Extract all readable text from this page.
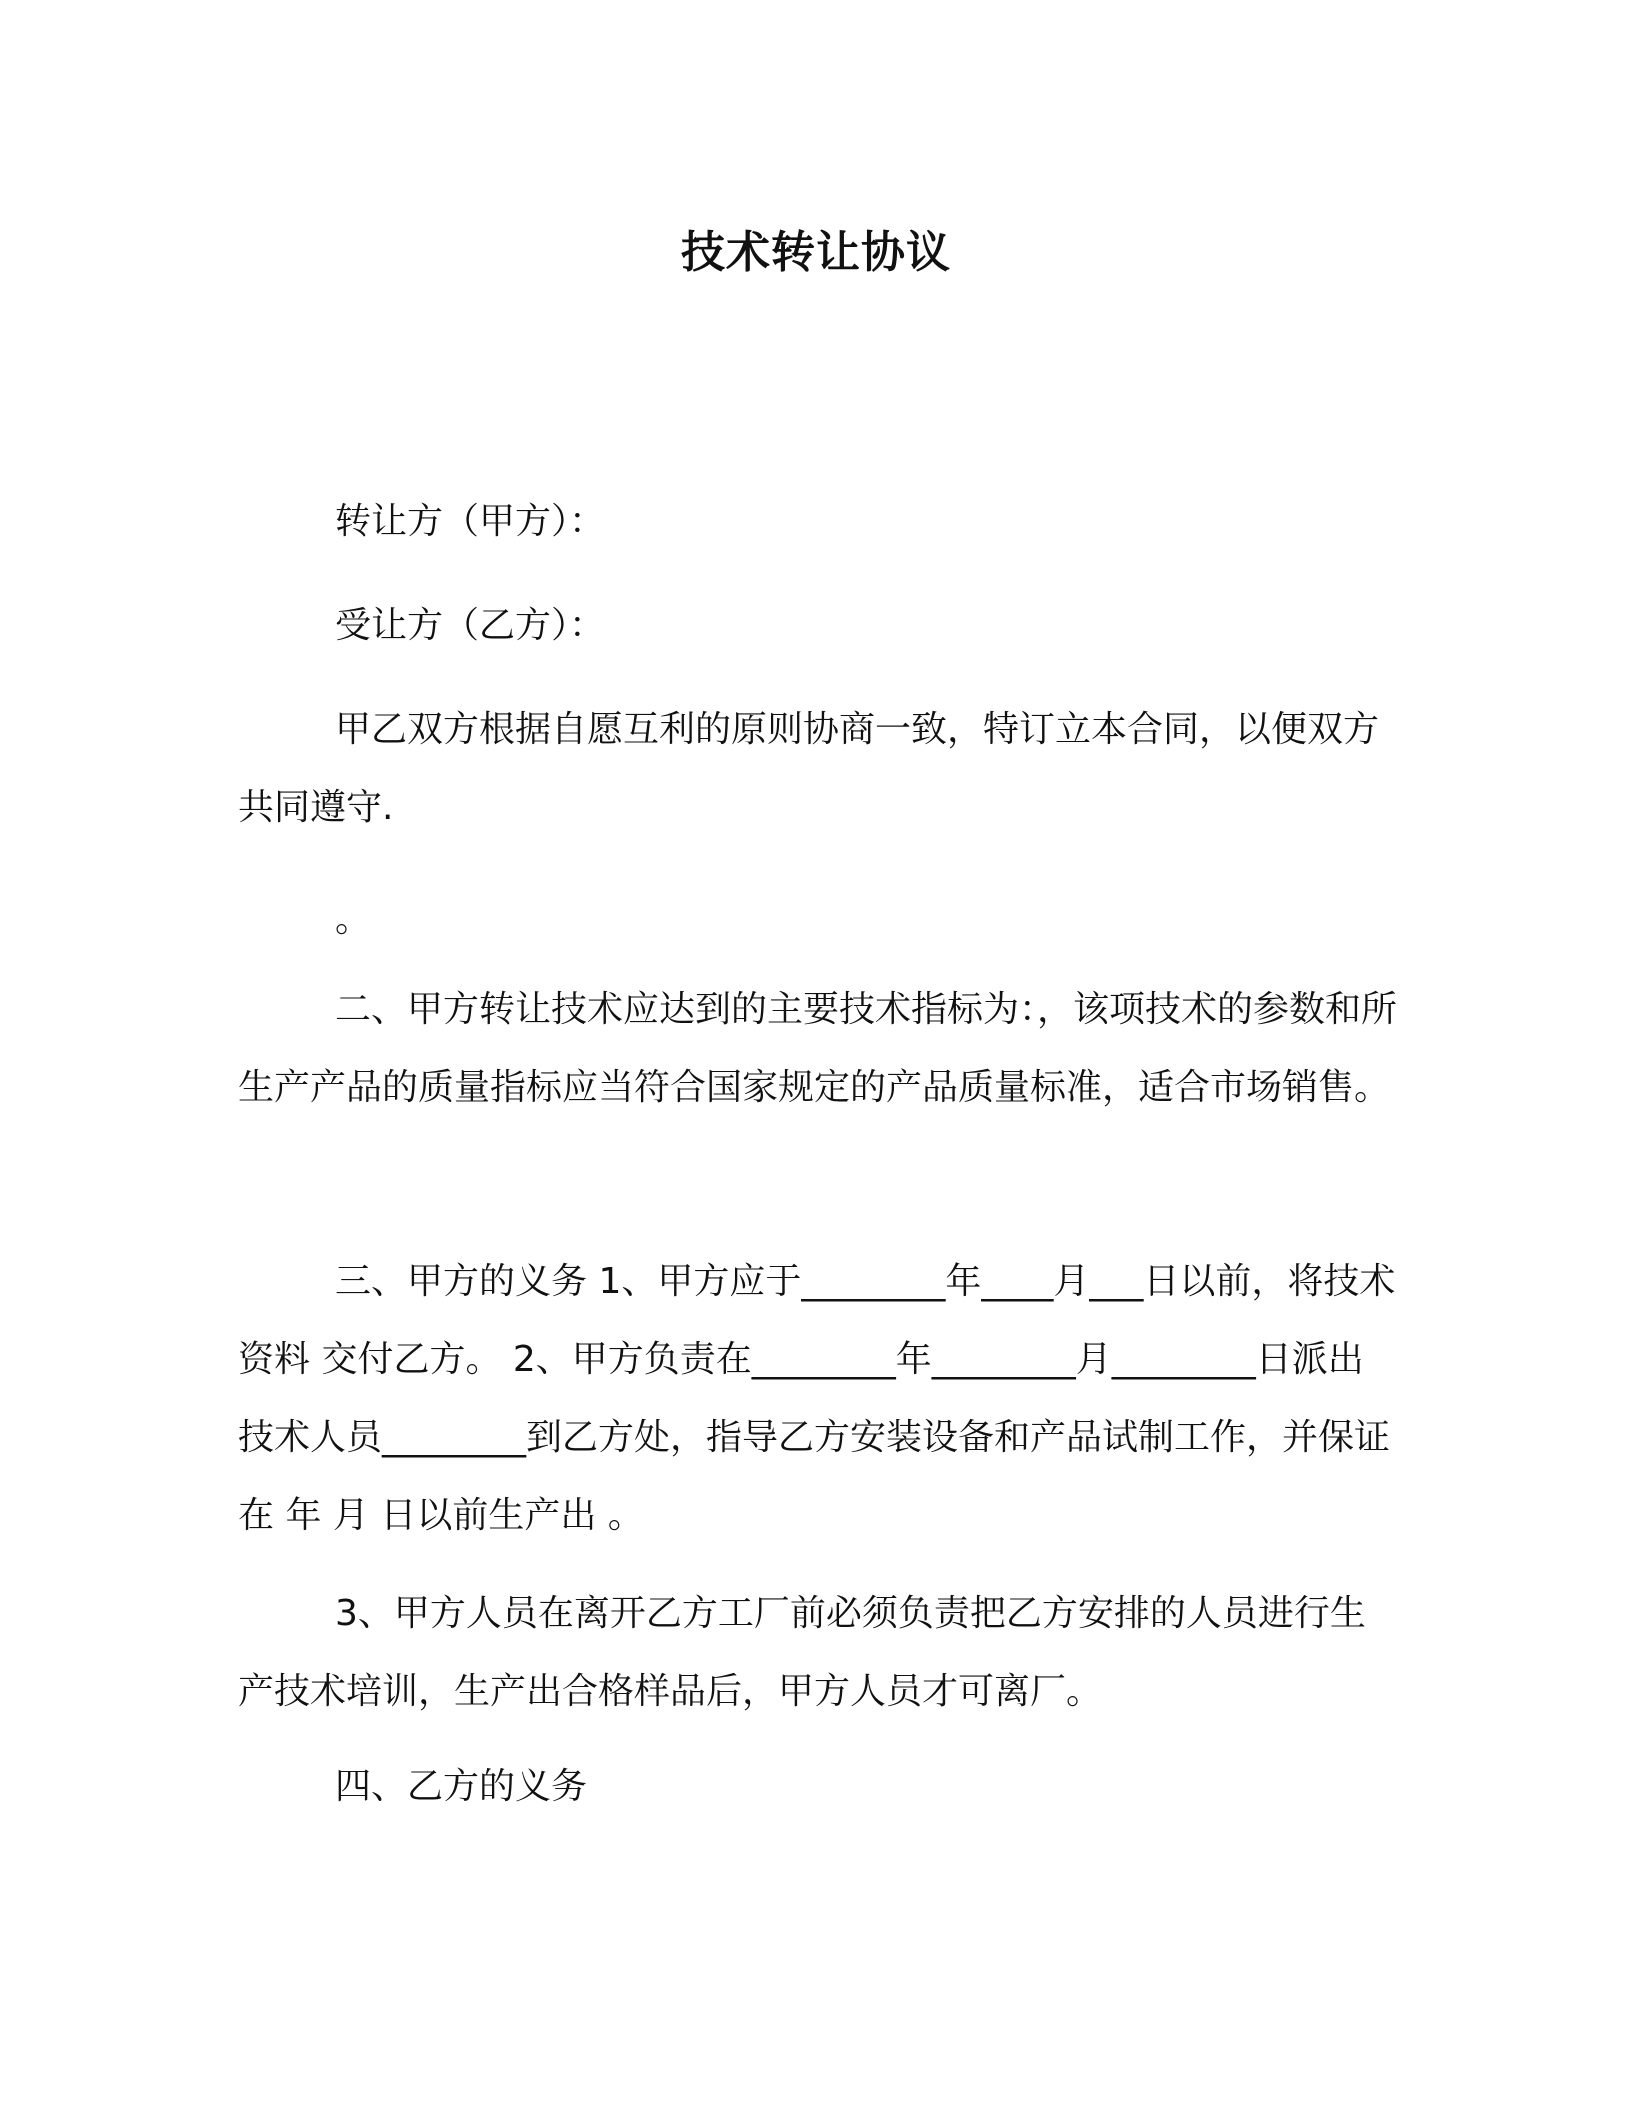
技术转让协议

转让方（甲方）：

受让方（乙方）：

甲乙双方根据自愿互利的原则协商一致，特订立本合同，以便双方共同遵守.

。

二、甲方转让技术应达到的主要技术指标为：，该项技术的参数和所生产产品的质量指标应当符合国家规定的产品质量标准，适合市场销售。

三、甲方的义务 1、甲方应于________年____月___日以前，将技术资料 交付乙方。 2、甲方负责在________年________月________日派出技术人员________到乙方处，指导乙方安装设备和产品试制工作，并保证在 年 月 日以前生产出 。

3、甲方人员在离开乙方工厂前必须负责把乙方安排的人员进行生产技术培训，生产出合格样品后，甲方人员才可离厂。

四、乙方的义务
